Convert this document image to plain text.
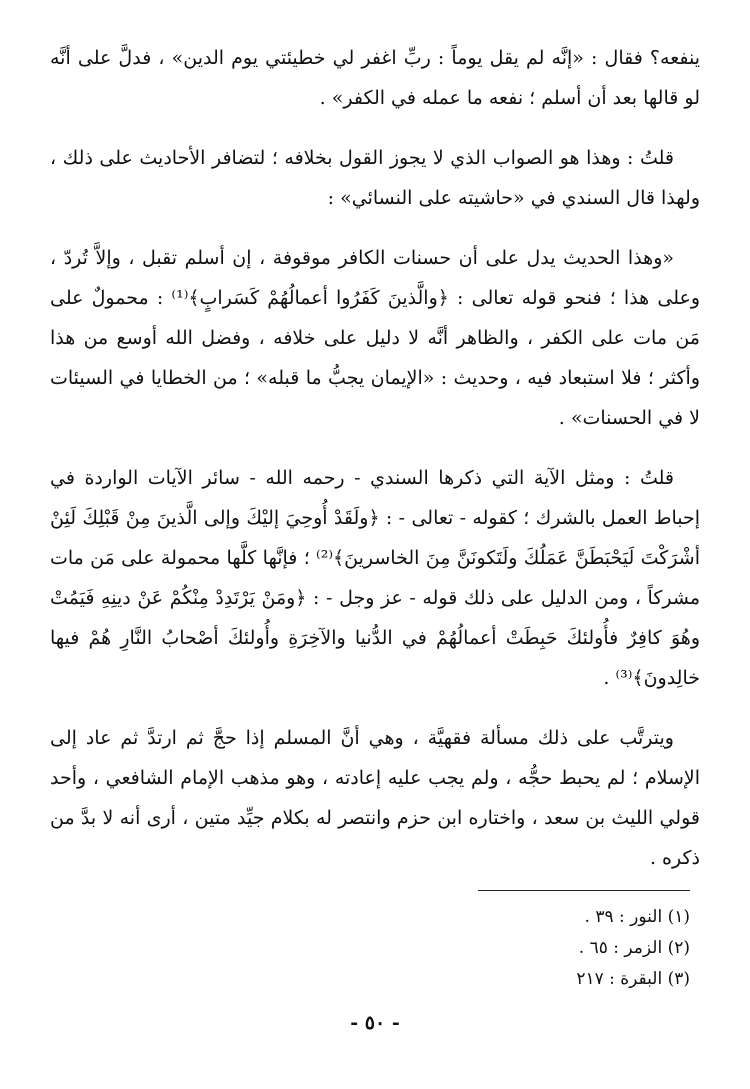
ينفعه؟ فقال : «إنَّه لم يقل يوماً : ربِّ اغفر لي خطيئتي يوم الدين» ، فدلَّ على أنَّه لو قالها بعد أن أسلم ؛ نفعه ما عمله في الكفر» .

قلتُ : وهذا هو الصواب الذي لا يجوز القول بخلافه ؛ لتضافر الأحاديث على ذلك ، ولهذا قال السندي في «حاشيته على النسائي» :

«وهذا الحديث يدل على أن حسنات الكافر موقوفة ، إن أسلم تقبل ، وإلاَّ تُردّ ، وعلى هذا ؛ فنحو قوله تعالى : ﴿والَّذينَ كَفَرُوا أعمالُهُمْ كَسَرابٍ﴾⁽¹⁾ : محمولٌ على مَن مات على الكفر ، والظاهر أنَّه لا دليل على خلافه ، وفضل الله أوسع من هذا وأكثر ؛ فلا استبعاد فيه ، وحديث : «الإيمان يجبُّ ما قبله» ؛ من الخطايا في السيئات لا في الحسنات» .

قلتُ : ومثل الآية التي ذكرها السندي - رحمه الله - سائر الآيات الواردة في إحباط العمل بالشرك ؛ كقوله - تعالى - : ﴿ولَقَدْ أُوحِيَ إليْكَ وإلى الَّذينَ مِنْ قَبْلِكَ لَئِنْ أشْرَكْتَ لَيَحْبَطَنَّ عَمَلُكَ ولَتَكونَنَّ مِنَ الخاسرينَ﴾⁽²⁾ ؛ فإنَّها كلَّها محمولة على مَن مات مشركاً ، ومن الدليل على ذلك قوله - عز وجل - : ﴿ومَنْ يَرْتَدِدْ مِنْكُمْ عَنْ دينِهِ فَيَمُتْ وهُوَ كافِرٌ فأُولئكَ حَبِطَتْ أعمالُهُمْ في الدُّنيا والآخِرَةِ وأُولئكَ أصْحابُ النَّارِ هُمْ فيها خالِدونَ﴾⁽³⁾ .

ويترتَّب على ذلك مسألة فقهيَّة ، وهي أنَّ المسلم إذا حجَّ ثم ارتدَّ ثم عاد إلى الإسلام ؛ لم يحبط حجُّه ، ولم يجب عليه إعادته ، وهو مذهب الإمام الشافعي ، وأحد قولي الليث بن سعد ، واختاره ابن حزم وانتصر له بكلام جيِّد متين ، أرى أنه لا بدَّ من ذكره .

(١) النور : ٣٩ .

(٢) الزمر : ٦٥ .

(٣) البقرة : ٢١٧

- ٥٠ -
